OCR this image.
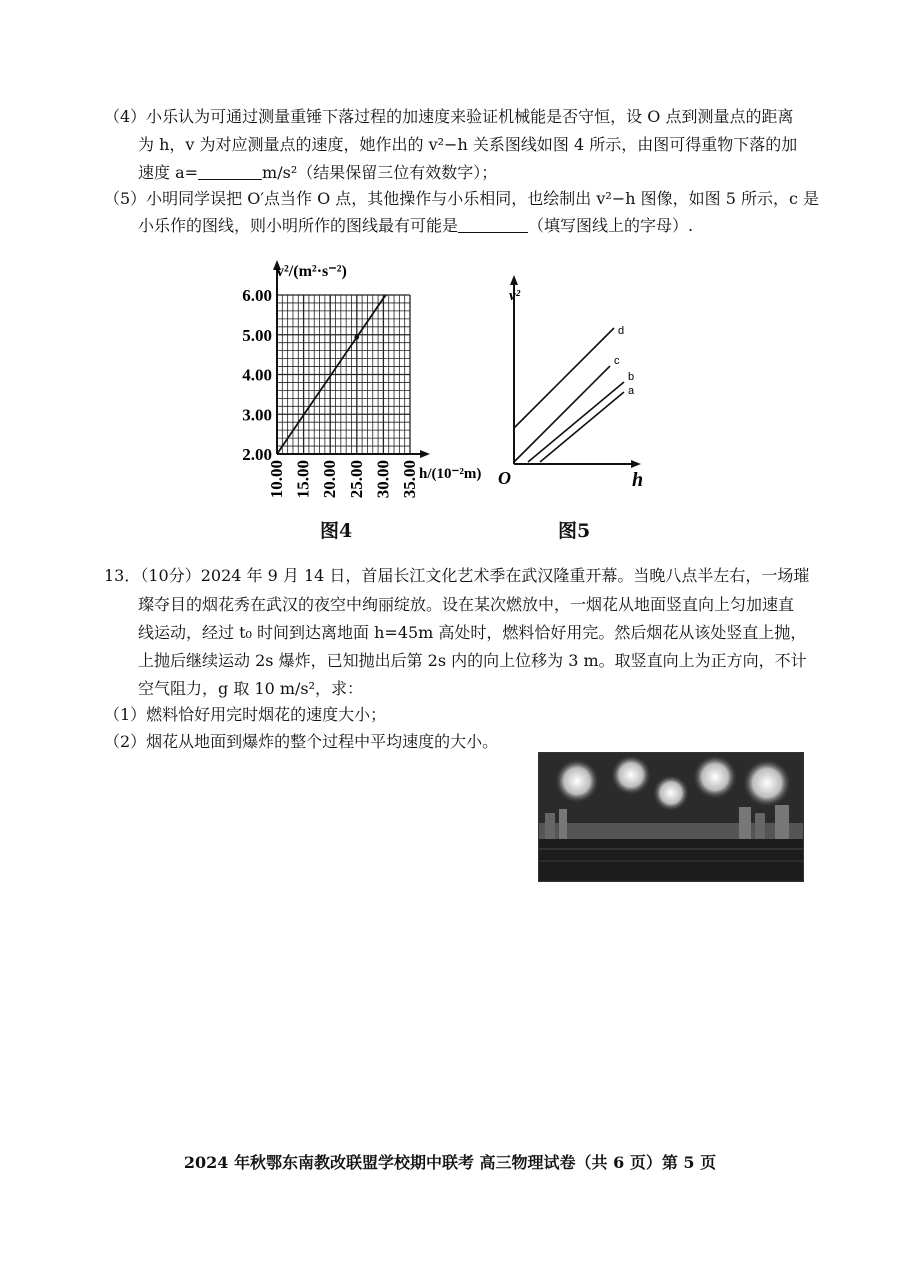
（4）小乐认为可通过测量重锤下落过程的加速度来验证机械能是否守恒，设 O 点到测量点的距离
为 h，v 为对应测量点的速度，她作出的 v²−h 关系图线如图 4 所示，由图可得重物下落的加
速度 a=	m/s²（结果保留三位有效数字）；
（5）小明同学误把 O′点当作 O 点，其他操作与小乐相同，也绘制出 v²−h 图像，如图 5 所示，c 是
小乐作的图线，则小明所作的图线最有可能是	（填写图线上的字母）.
2.00
3.00
4.00
5.00
6.00
10.00 15.00 20.00 25.00 30.00 35.00
v²/(m²·s⁻²)
h/(10⁻²m)
图4
d
c
b
a
v²
h
O
图5
13．（10分）2024 年 9 月 14 日，首届长江文化艺术季在武汉隆重开幕。当晚八点半左右，一场璀
璨夺目的烟花秀在武汉的夜空中绚丽绽放。设在某次燃放中，一烟花从地面竖直向上匀加速直
线运动，经过 t₀ 时间到达离地面 h=45m 高处时，燃料恰好用完。然后烟花从该处竖直上抛，
上抛后继续运动 2s 爆炸，已知抛出后第 2s 内的向上位移为 3 m。取竖直向上为正方向，不计
空气阻力，g 取 10 m/s²，求：
（1）燃料恰好用完时烟花的速度大小；
（2）烟花从地面到爆炸的整个过程中平均速度的大小。
2024 年秋鄂东南教改联盟学校期中联考 高三物理试卷（共 6 页）第 5 页
